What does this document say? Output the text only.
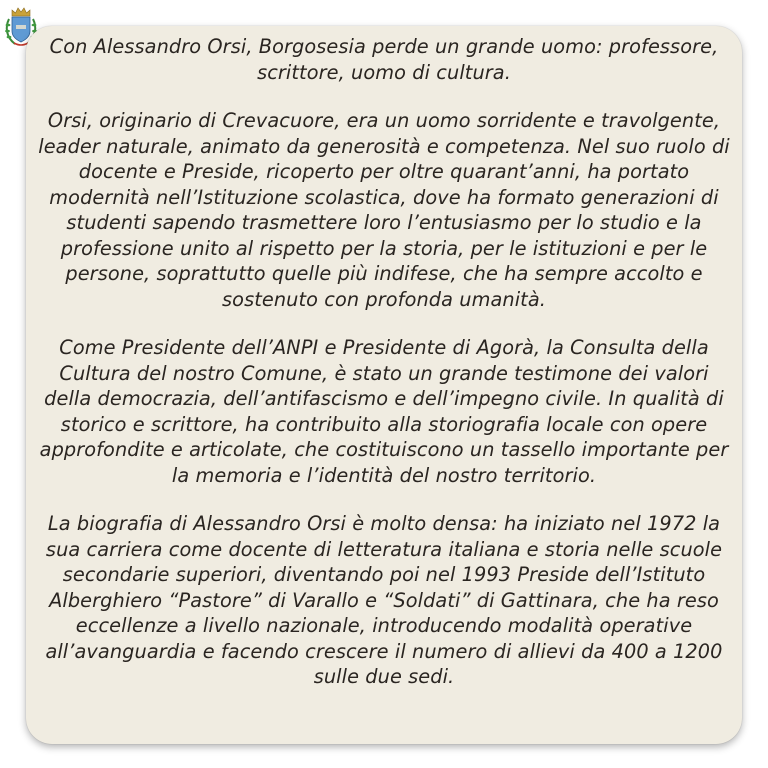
Con Alessandro Orsi, Borgosesia perde un grande uomo: professore, scrittore, uomo di cultura.

Orsi, originario di Crevacuore, era un uomo sorridente e travolgente, leader naturale, animato da generosità e competenza. Nel suo ruolo di docente e Preside, ricoperto per oltre quarant’anni, ha portato modernità nell’Istituzione scolastica, dove ha formato generazioni di studenti sapendo trasmettere loro l’entusiasmo per lo studio e la professione unito al rispetto per la storia, per le istituzioni e per le persone, soprattutto quelle più indifese, che ha sempre accolto e sostenuto con profonda umanità.

Come Presidente dell’ANPI e Presidente di Agorà, la Consulta della Cultura del nostro Comune, è stato un grande testimone dei valori della democrazia, dell’antifascismo e dell’impegno civile. In qualità di storico e scrittore, ha contribuito alla storiografia locale con opere approfondite e articolate, che costituiscono un tassello importante per la memoria e l’identità del nostro territorio.

La biografia di Alessandro Orsi è molto densa: ha iniziato nel 1972 la sua carriera come docente di letteratura italiana e storia nelle scuole secondarie superiori, diventando poi nel 1993 Preside dell’Istituto Alberghiero “Pastore” di Varallo e “Soldati” di Gattinara, che ha reso eccellenze a livello nazionale, introducendo modalità operative all’avanguardia e facendo crescere il numero di allievi da 400 a 1200 sulle due sedi.
